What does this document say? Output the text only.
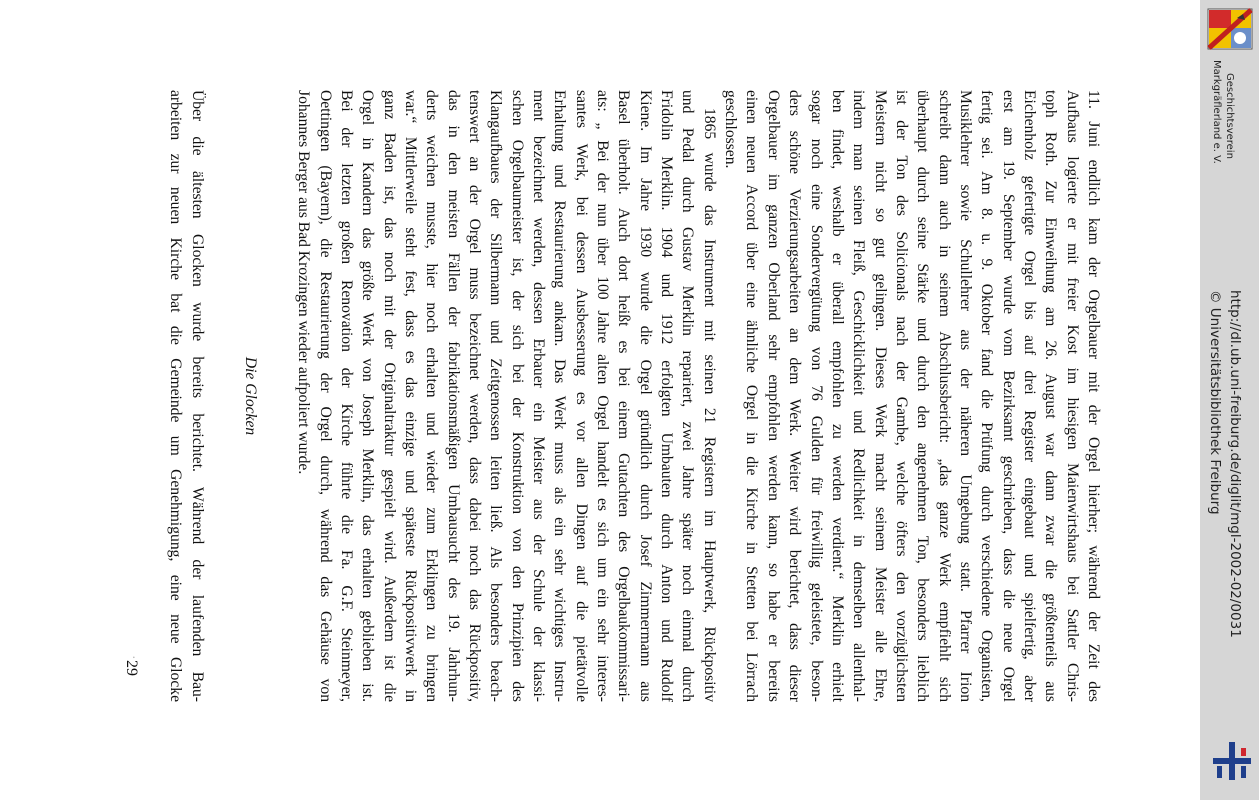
11. Juni endlich kam der Orgelbauer mit der Orgel hierher; während der Zeit des
Aufbaus logierte er mit freier Kost im hiesigen Maienwirtshaus bei Sattler Chris-
toph Roth. Zur Einweihung am 26. August war dann zwar die größtenteils aus
Eichenholz gefertigte Orgel bis auf drei Register eingebaut und spielfertig, aber
erst am 19. September wurde vom Bezirksamt geschrieben, dass die neue Orgel
fertig sei. Am 8. u. 9. Oktober fand die Prüfung durch verschiedene Organisten,
Musiklehrer sowie Schullehrer aus der näheren Umgebung statt. Pfarrer Irion
schreibt dann auch in seinem Abschlussbericht: „das ganze Werk empfiehlt sich
überhaupt durch seine Stärke und durch den angenehmen Ton, besonders lieblich
ist der Ton des Solicionals nach der Gambe, welche öfters den vorzüglichsten
Meistern nicht so gut gelingen. Dieses Werk macht seinem Meister alle Ehre,
indem man seinen Fleiß, Geschicklichkeit und Redlichkeit in demselben allenthal-
ben findet, weshalb er überall empfohlen zu werden verdient.“ Merklin erhielt
sogar noch eine Sondervergütung von 76 Gulden für freiwillig geleistete, beson-
ders schöne Verzierungsarbeiten an dem Werk. Weiter wird berichtet, dass dieser
Orgelbauer im ganzen Oberland sehr empfohlen werden kann, so habe er bereits
einen neuen Accord über eine ähnliche Orgel in die Kirche in Stetten bei Lörrach
geschlossen.
1865 wurde das Instrument mit seinen 21 Registern im Hauptwerk, Rückpositiv
und Pedal durch Gustav Merklin repariert, zwei Jahre später noch einmal durch
Fridolin Merklin. 1904 und 1912 erfolgten Umbauten durch Anton und Rudolf
Kiene. Im Jahre 1930 wurde die Orgel gründlich durch Josef Zimmermann aus
Basel überholt. Auch dort heißt es bei einem Gutachten des Orgelbaukommissari-
ats: „ Bei der nun über 100 Jahre alten Orgel handelt es sich um ein sehr interes-
santes Werk, bei dessen Ausbesserung es vor allen Dingen auf die pietätvolle
Erhaltung und Restaurierung ankam. Das Werk muss als ein sehr wichtiges Instru-
ment bezeichnet werden, dessen Erbauer ein Meister aus der Schule der klassi-
schen Orgelbaumeister ist, der sich bei der Konstruktion von den Prinzipien des
Klangaufbaues der Silbermann und Zeitgenossen leiten ließ. Als besonders beach-
tenswert an der Orgel muss bezeichnet werden, dass dabei noch das Rückpositiv,
das in den meisten Fällen der fabrikationsmäßigen Umbausucht des 19. Jahrhun-
derts weichen musste, hier noch erhalten und wieder zum Erklingen zu bringen
war.“ Mittlerweile steht fest, dass es das einzige und späteste Rückpositivwerk in
ganz Baden ist, das noch mit der Originaltraktur gespielt wird. Außerdem ist die
Orgel in Kandern das größte Werk von Joseph Merklin, das erhalten geblieben ist.
Bei der letzten großen Renovation der Kirche führte die Fa. G.F. Steinmeyer,
Oettingen (Bayern), die Restaurierung der Orgel durch, während das Gehäuse von
Johannes Berger aus Bad Krozingen wieder aufpoliert wurde.
Die Glocken
Über die ältesten Glocken wurde bereits berichtet. Während der laufenden Bau-
arbeiten zur neuen Kirche bat die Gemeinde um Genehmigung, eine neue Glocke
·
29
Geschichtsverein
Markgräflerland e. V.
http://dl.ub.uni-freiburg.de/diglit/mgl-2002-02/0031
© Universitätsbibliothek Freiburg
